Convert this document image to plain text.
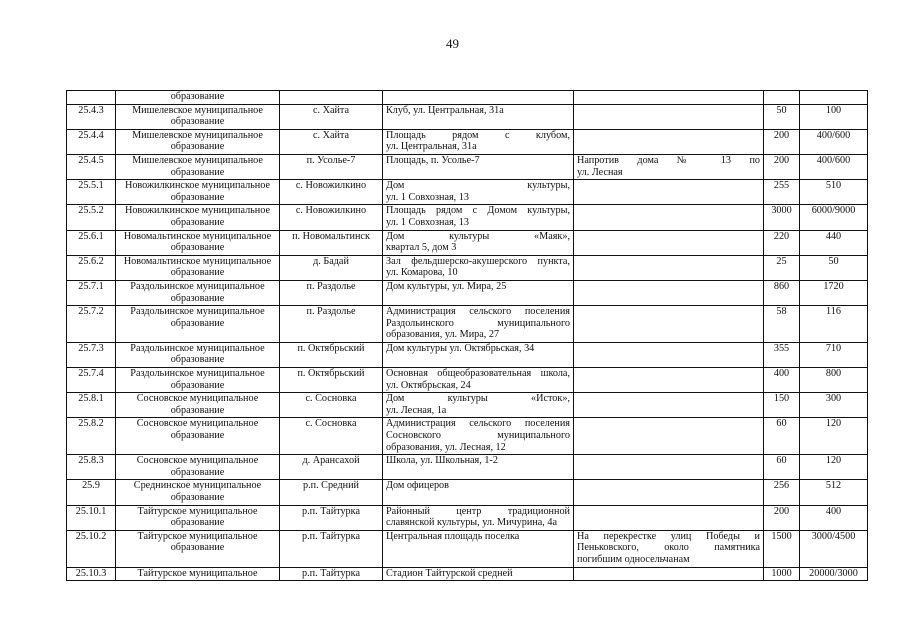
49
	образование					
25.4.3	Мишелевское муниципальное образование	с. Хайта	Клуб, ул. Центральная, 31а		50	100
25.4.4	Мишелевское муниципальное образование	с. Хайта	Площадь рядом с клубом,
ул. Центральная, 31а		200	400/600
25.4.5	Мишелевское муниципальное образование	п. Усолье-7	Площадь, п. Усолье-7	Напротив дома № 13 по
ул. Лесная	200	400/600
25.5.1	Новожилкинское муниципальное образование	с. Новожилкино	Дом культуры,
ул. 1 Совхозная, 13		255	510
25.5.2	Новожилкинское муниципальное образование	с. Новожилкино	Площадь рядом с Домом культуры,
ул. 1 Совхозная, 13		3000	6000/9000
25.6.1	Новомальтинское муниципальное образование	п. Новомальтинск	Дом культуры «Маяк»,
квартал 5, дом 3		220	440
25.6.2	Новомальтинское муниципальное образование	д. Бадай	Зал фельдшерско-акушерского пункта,
ул. Комарова, 10		25	50
25.7.1	Раздольинское муниципальное образование	п. Раздолье	Дом культуры, ул. Мира, 25		860	1720
25.7.2	Раздольинское муниципальное образование	п. Раздолье	Администрация сельского поселения
Раздольинского муниципального
образования, ул. Мира, 27		58	116
25.7.3	Раздольинское муниципальное образование	п. Октябрьский	Дом культуры ул. Октябрьская, 34		355	710
25.7.4	Раздольинское муниципальное образование	п. Октябрьский	Основная общеобразовательная школа,
ул. Октябрьская, 24		400	800
25.8.1	Сосновское муниципальное образование	с. Сосновка	Дом культуры «Исток»,
ул. Лесная, 1а		150	300
25.8.2	Сосновское муниципальное образование	с. Сосновка	Администрация сельского поселения
Сосновского муниципального
образования, ул. Лесная, 12		60	120
25.8.3	Сосновское муниципальное образование	д. Арансахой	Школа, ул. Школьная, 1-2		60	120
25.9	Среднинское муниципальное образование	р.п. Средний	Дом офицеров		256	512
25.10.1	Тайтурское муниципальное образование	р.п. Тайтурка	Районный центр традиционной
славянской культуры, ул. Мичурина, 4а		200	400
25.10.2	Тайтурское муниципальное образование	р.п. Тайтурка	Центральная площадь поселка	На перекрестке улиц Победы и
Пеньковского, около памятника
погибшим односельчанам	1500	3000/4500
25.10.3	Тайтурское муниципальное	р.п. Тайтурка	Стадион Тайтурской средней		1000	20000/3000
